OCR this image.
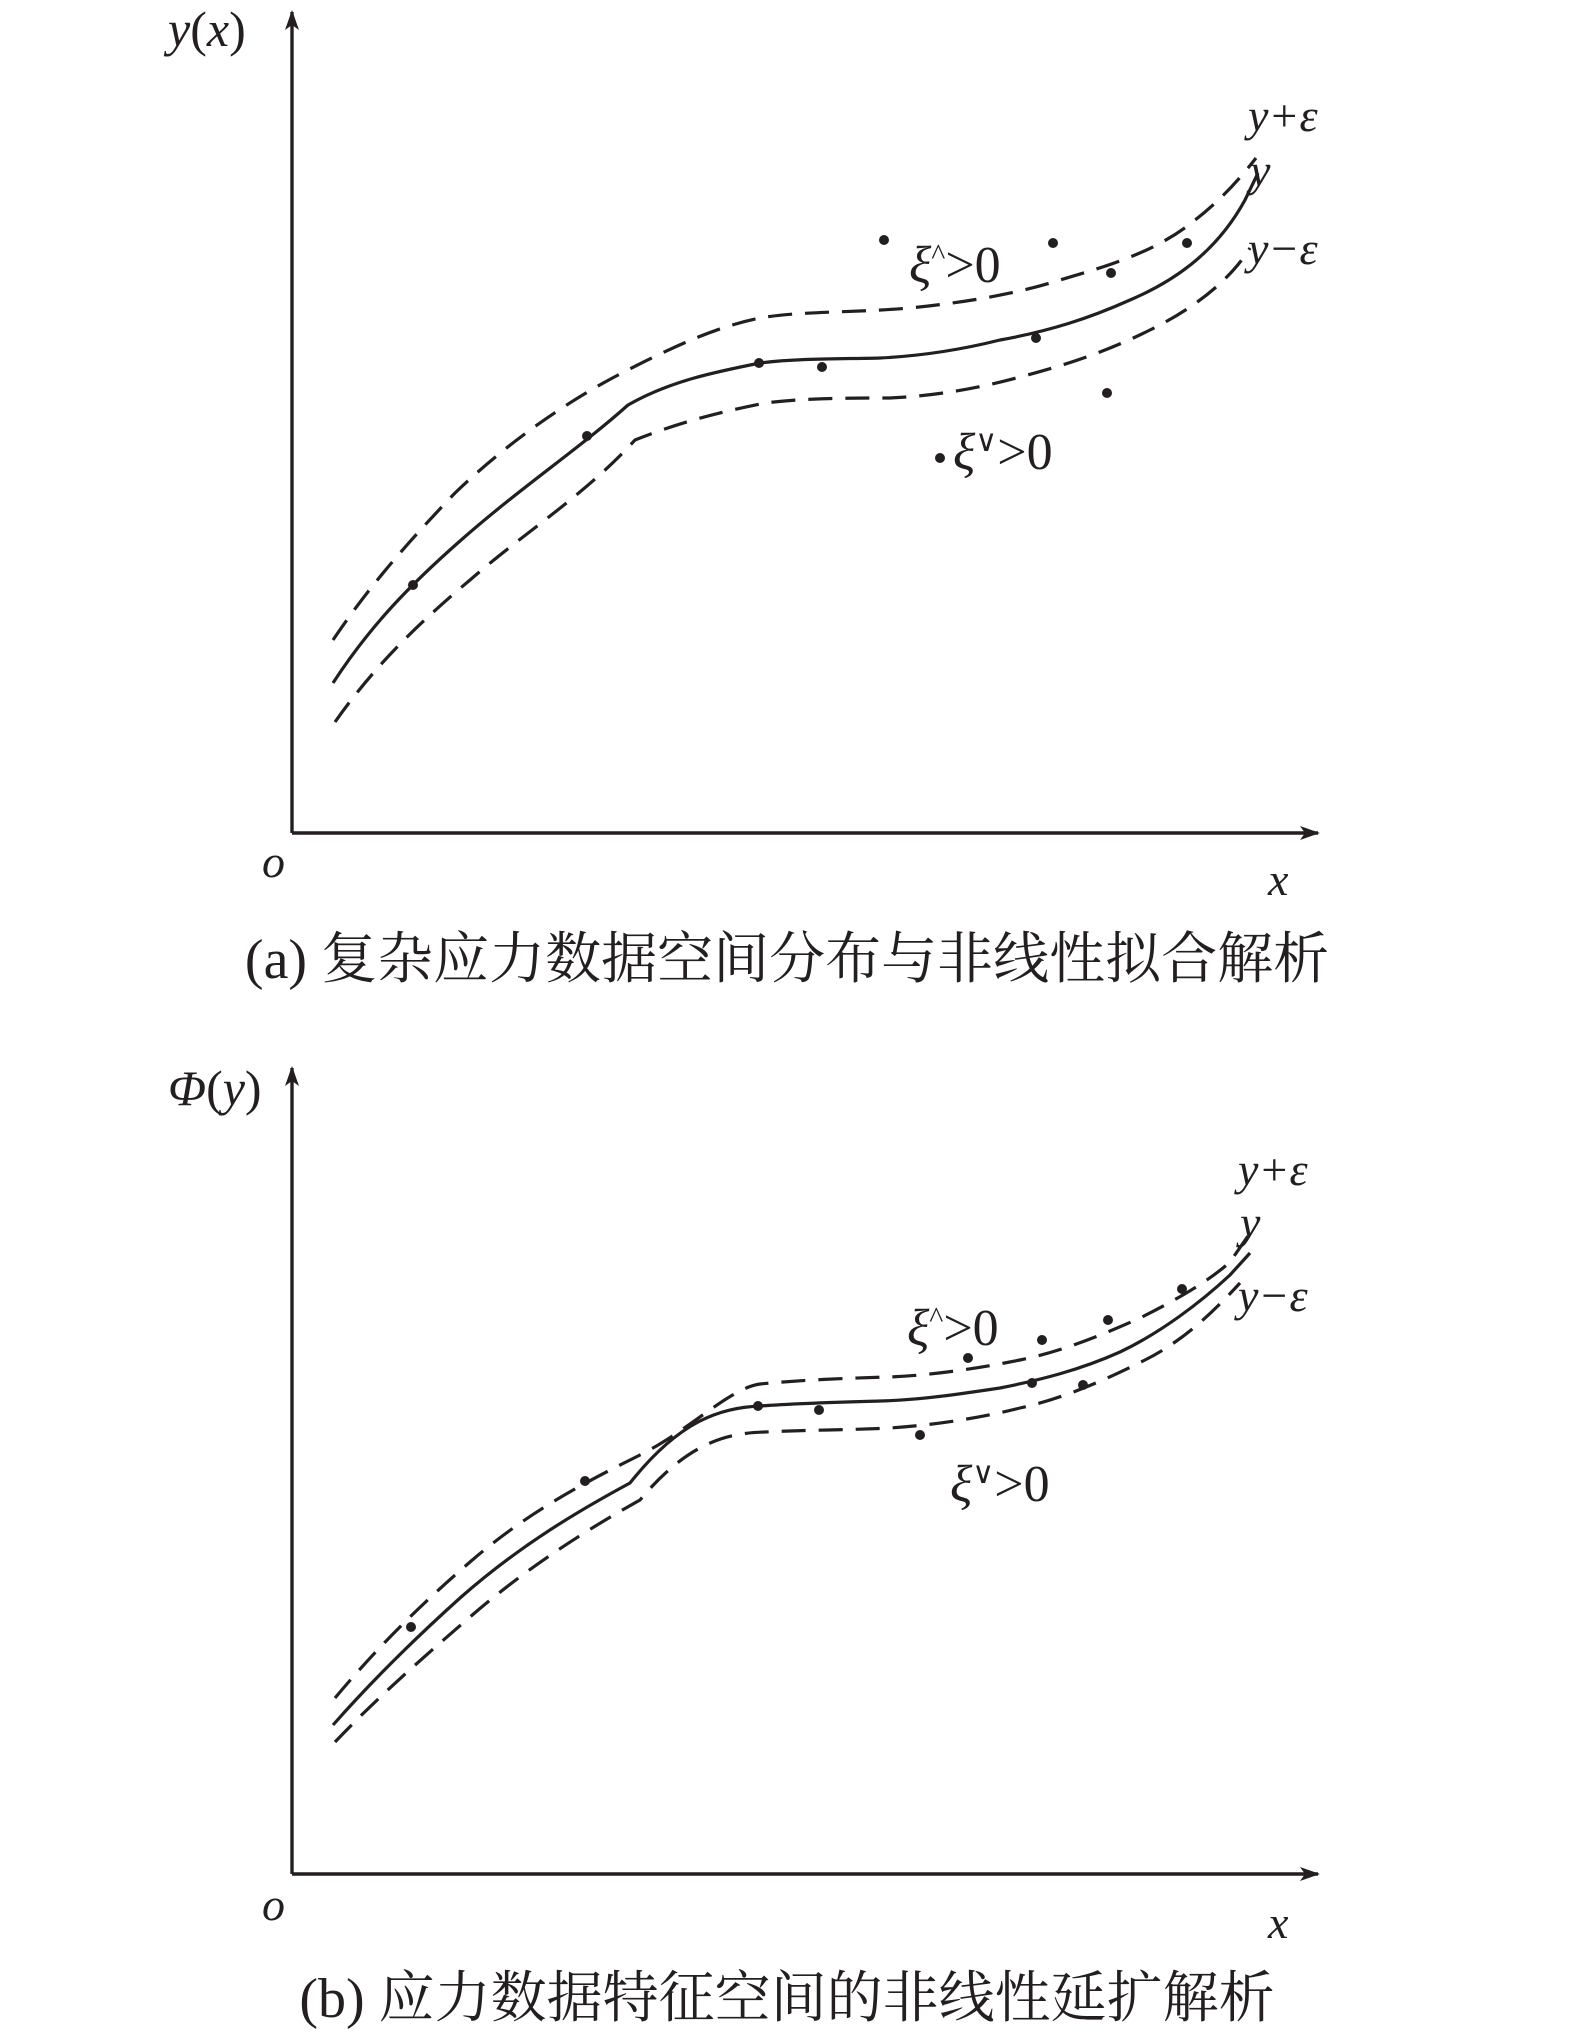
y(x)
o	x
ξ^>0
ξ∨>0
y+ε
y
y−ε
(a) 复杂应力数据空间分布与非线性拟合解析
Φ(y)
o	x
ξ^>0
ξ∨>0
y+ε
y
y−ε
(b) 应力数据特征空间的非线性延扩解析
